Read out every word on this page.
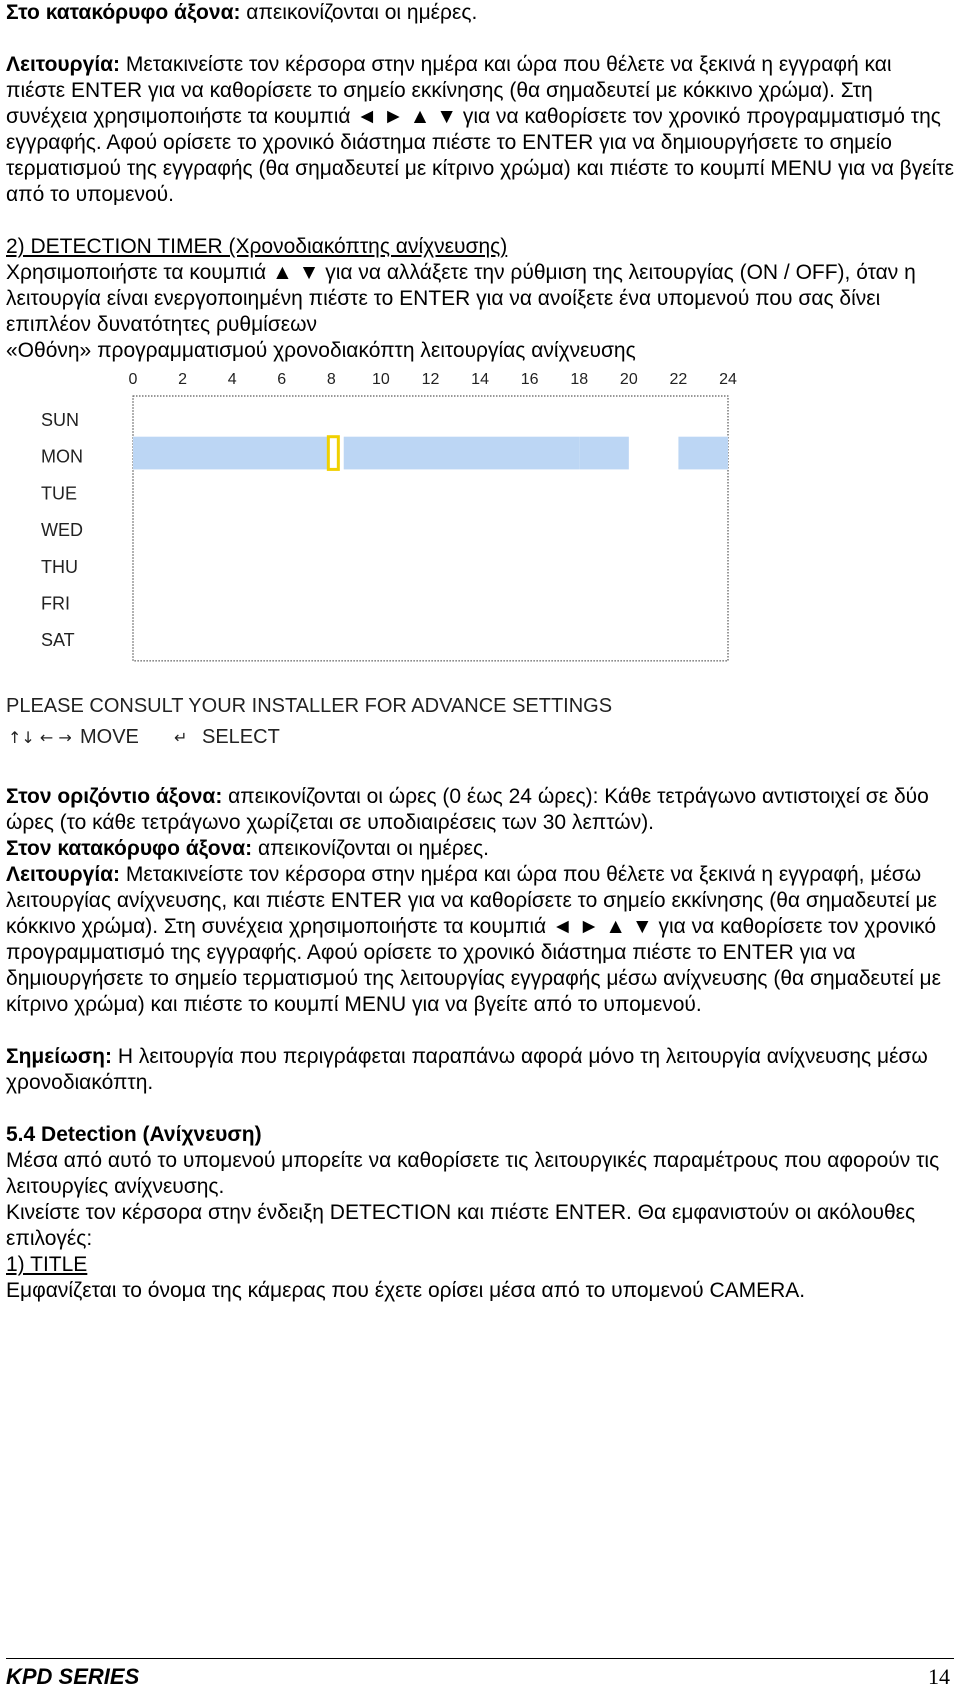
Στο κατακόρυφο άξονα: απεικονίζονται οι ημέρες.

Λειτουργία: Μετακινείστε τον κέρσορα στην ημέρα και ώρα που θέλετε να ξεκινά η εγγραφή και πιέστε ENTER για να καθορίσετε το σημείο εκκίνησης (θα σημαδευτεί με κόκκινο χρώμα). Στη συνέχεια χρησιμοποιήστε τα κουμπιά ◄ ► ▲ ▼ για να καθορίσετε τον χρονικό προγραμματισμό της εγγραφής. Αφού ορίσετε το χρονικό διάστημα πιέστε το ENTER για να δημιουργήσετε το σημείο τερματισμού της εγγραφής (θα σημαδευτεί με κίτρινο χρώμα) και πιέστε το κουμπί MENU για να βγείτε από το υπομενού.

2) DETECTION TIMER (Χρονοδιακόπτης ανίχνευσης)

Χρησιμοποιήστε τα κουμπιά ▲ ▼ για να αλλάξετε την ρύθμιση της λειτουργίας (ON / OFF), όταν η λειτουργία είναι ενεργοποιημένη πιέστε το ENTER για να ανοίξετε ένα υπομενού που σας δίνει επιπλέον δυνατότητες ρυθμίσεων

«Οθόνη» προγραμματισμού χρονοδιακόπτη λειτουργίας ανίχνευσης

0	2	4	6	8 10 12 14 16 18 20 22 24
SUN
MON
TUE
WED
THU
FRI
SAT
PLEASE CONSULT YOUR INSTALLER FOR ADVANCE SETTINGS
↑↓ ← → MOVE ↵ SELECT

Στον οριζόντιο άξονα: απεικονίζονται οι ώρες (0 έως 24 ώρες): Κάθε τετράγωνο αντιστοιχεί σε δύο ώρες (το κάθε τετράγωνο χωρίζεται σε υποδιαιρέσεις των 30 λεπτών).

Στον κατακόρυφο άξονα: απεικονίζονται οι ημέρες.

Λειτουργία: Μετακινείστε τον κέρσορα στην ημέρα και ώρα που θέλετε να ξεκινά η εγγραφή, μέσω λειτουργίας ανίχνευσης, και πιέστε ENTER για να καθορίσετε το σημείο εκκίνησης (θα σημαδευτεί με κόκκινο χρώμα). Στη συνέχεια χρησιμοποιήστε τα κουμπιά ◄ ► ▲ ▼ για να καθορίσετε τον χρονικό προγραμματισμό της εγγραφής. Αφού ορίσετε το χρονικό διάστημα πιέστε το ENTER για να δημιουργήσετε το σημείο τερματισμού της λειτουργίας εγγραφής μέσω ανίχνευσης (θα σημαδευτεί με κίτρινο χρώμα) και πιέστε το κουμπί MENU για να βγείτε από το υπομενού.

Σημείωση: Η λειτουργία που περιγράφεται παραπάνω αφορά μόνο τη λειτουργία ανίχνευσης μέσω χρονοδιακόπτη.

5.4 Detection (Ανίχνευση)

Μέσα από αυτό το υπομενού μπορείτε να καθορίσετε τις λειτουργικές παραμέτρους που αφορούν τις λειτουργίες ανίχνευσης.

Κινείστε τον κέρσορα στην ένδειξη DETECTION και πιέστε ENTER. Θα εμφανιστούν οι ακόλουθες επιλογές:

1) TITLE

Εμφανίζεται το όνομα της κάμερας που έχετε ορίσει μέσα από το υπομενού CAMERA.

KPD SERIES	14
